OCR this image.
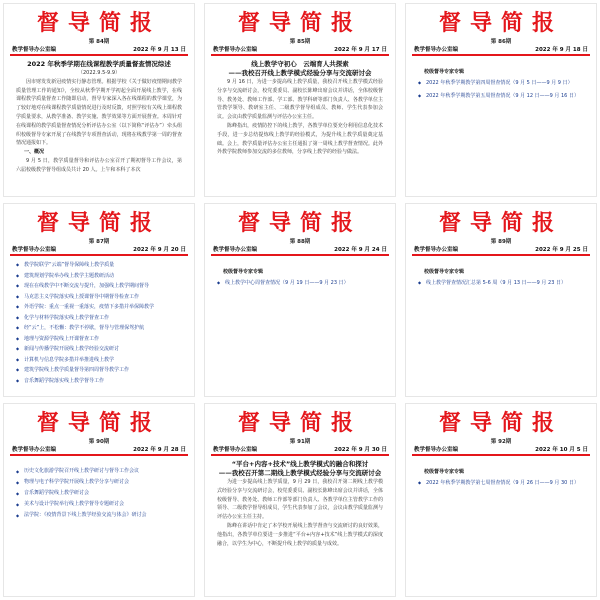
督导简报
第 84期
教学督导办公室编	2022 年 9 月 13 日
2022 年秋季学期在线课程教学质量督查情况综述
（2022.9.5-9.9）
因市财发发新冠疫情实行静态管理。根据学校《关于做好疫情期间教学质量管理工作的通知》，全校从秋季学期开学初起全面开展线上教学，在线课程教学质量督查工作随即启动，督导专家深入各在线课程的教学课堂，为了较好地对在线课程教学质量情况进行及时反馈，对照学校有关线上课程教学质量要求，从教学准备、教学实施、教学效果等方面开展督查。本周针对在线课程的教学质量督查情况分析评估办公室（以下简称“评估办”）牵头组织校级督导专家开展了在线教学专项督查活动，现将在线教学第一周的督查情况通报如下。
一、概况
9 月 5 日，教学质量督导和评估办公室召开了期初督导工作会议，第六届校级教学督导组成员共计 20 人。上午和本科了本次
督导简报
第 85期
教学督导办公室编	2022 年 9 月 17 日
线上教学守初心　云端育人共探索
——我校召开线上教学模式经验分享与交流研讨会
9 月 16 日，为进一步提高线上教学质量，我校召开线上教学模式经验分享与交流研讨会，校党委委员、副校长陈峰出席会议并讲话，全体校级督导、教务处、教师工作部、学工部、教学科研等部门负责人、各教学单位主管教学领导、教研室主任、二级教学督导组成员、教师、学生代表参加会议。会议由教学质量监测与评估办公室主任。
陈峰指出，疫情防控下的线上教学，各教学单位要充分利用信息化技术手段，进一步总结提炼线上教学的经验模式，为提升线上教学质量奠定基础。会上，教学质量评估办公室主任通报了第一周线上教学督查情况。此外外教学院教师参加交流的多位教师，分享线上教学的经验与做法。
督导简报
第 86期
教学督导办公室编	2022 年 9 月 18 日
校级督导专家专辑
◆ 2022 年秋季学期教学第四周督查情况（9 月 5 日——9 月 9 日）
◆ 2022 年秋季学期教学第五周督查情况（9 月 12 日——9 月 16 日）
督导简报
第 87期
教学督导办公室编	2022 年 9 月 20 日
◆ 教学院联学“云端”督导保障线上教学质量
◆ 建筑规划学院举办线上教学主题教研活动
◆ 现在在线教学中不断交流与提升，加强线上教学期间督导
◆ 马克思主义学院落实线上授课督导中期督导检查工作
◆ 外语学院：重点一重视一重落实，疫情下多措并举保障教学
◆ 化学与材料学院落实线上教学督查工作
◆ 经“云”上，不松懈：教学不停歇，督导与管理保驾护航
◆ 地理与资源学院线上开课督查工作
◆ 新闻与传播学院开展线上教学经验交流研讨
◆ 计算机与信息学院多措并举推进线上教学
◆ 建筑学院线上教学质量督导第四周督导教学工作
◆ 音乐舞蹈学院落实线上教学督导工作
督导简报
第 88期
教学督导办公室编	2022 年 9 月 24 日
校级督导专家专辑
◆ 线上教学中心周督查情况（9 月 19 日——9 月 23 日）
督导简报
第 89期
教学督导办公室编	2022 年 9 月 25 日
校级督导专家专辑
◆ 线上教学督查情况汇总第 5-6 周（9 月 13 日——9 月 23 日）
督导简报
第 90期
教学督导办公室编	2022 年 9 月 28 日
◆ 历史文化旅游学院召开线上教学研讨与督导工作会议
◆ 物理与电子科学学院开展线上教学分享与研讨会
◆ 音乐舞蹈学院线上教学研讨会
◆ 美术与设计学院举行线上教学督导专题研讨会
◆ 法学院：《疫情背景下线上教学经验交流与体会》研讨会
督导简报
第 91期
教学督导办公室编	2022 年 9 月 30 日
“平台+内容+技术”线上教学模式的融合和探讨
——我校召开第二期线上教学模式经验分享与交流研讨会
为进一步提高线上教学质量，9 月 29 日，我校召开第二期线上教学模式经验分享与交流研讨会，校党委委员、副校长陈峰出席会议并讲话，全体校级督导、教务处、教师工作部等部门负责人、各教学单位主管教学工作的领导、二级教学督导组成员，学生代表参加了会议，会议由教学质量监测与评估办公室主任主持。
陈峰在讲话中肯定了本学校开展线上教学督查与交流研讨的良好效果，他指出，各教学单位要进一步推进“平台+内容+技术”线上教学模式的深度融合，以学生为中心，不断提升线上教学的质量与成效。
督导简报
第 92期
教学督导办公室编	2022 年 10 月 5 日
校级督导专家专辑
◆ 2022 年秋季学期教学第七周督查情况（9 月 26 日——9 月 30 日）
